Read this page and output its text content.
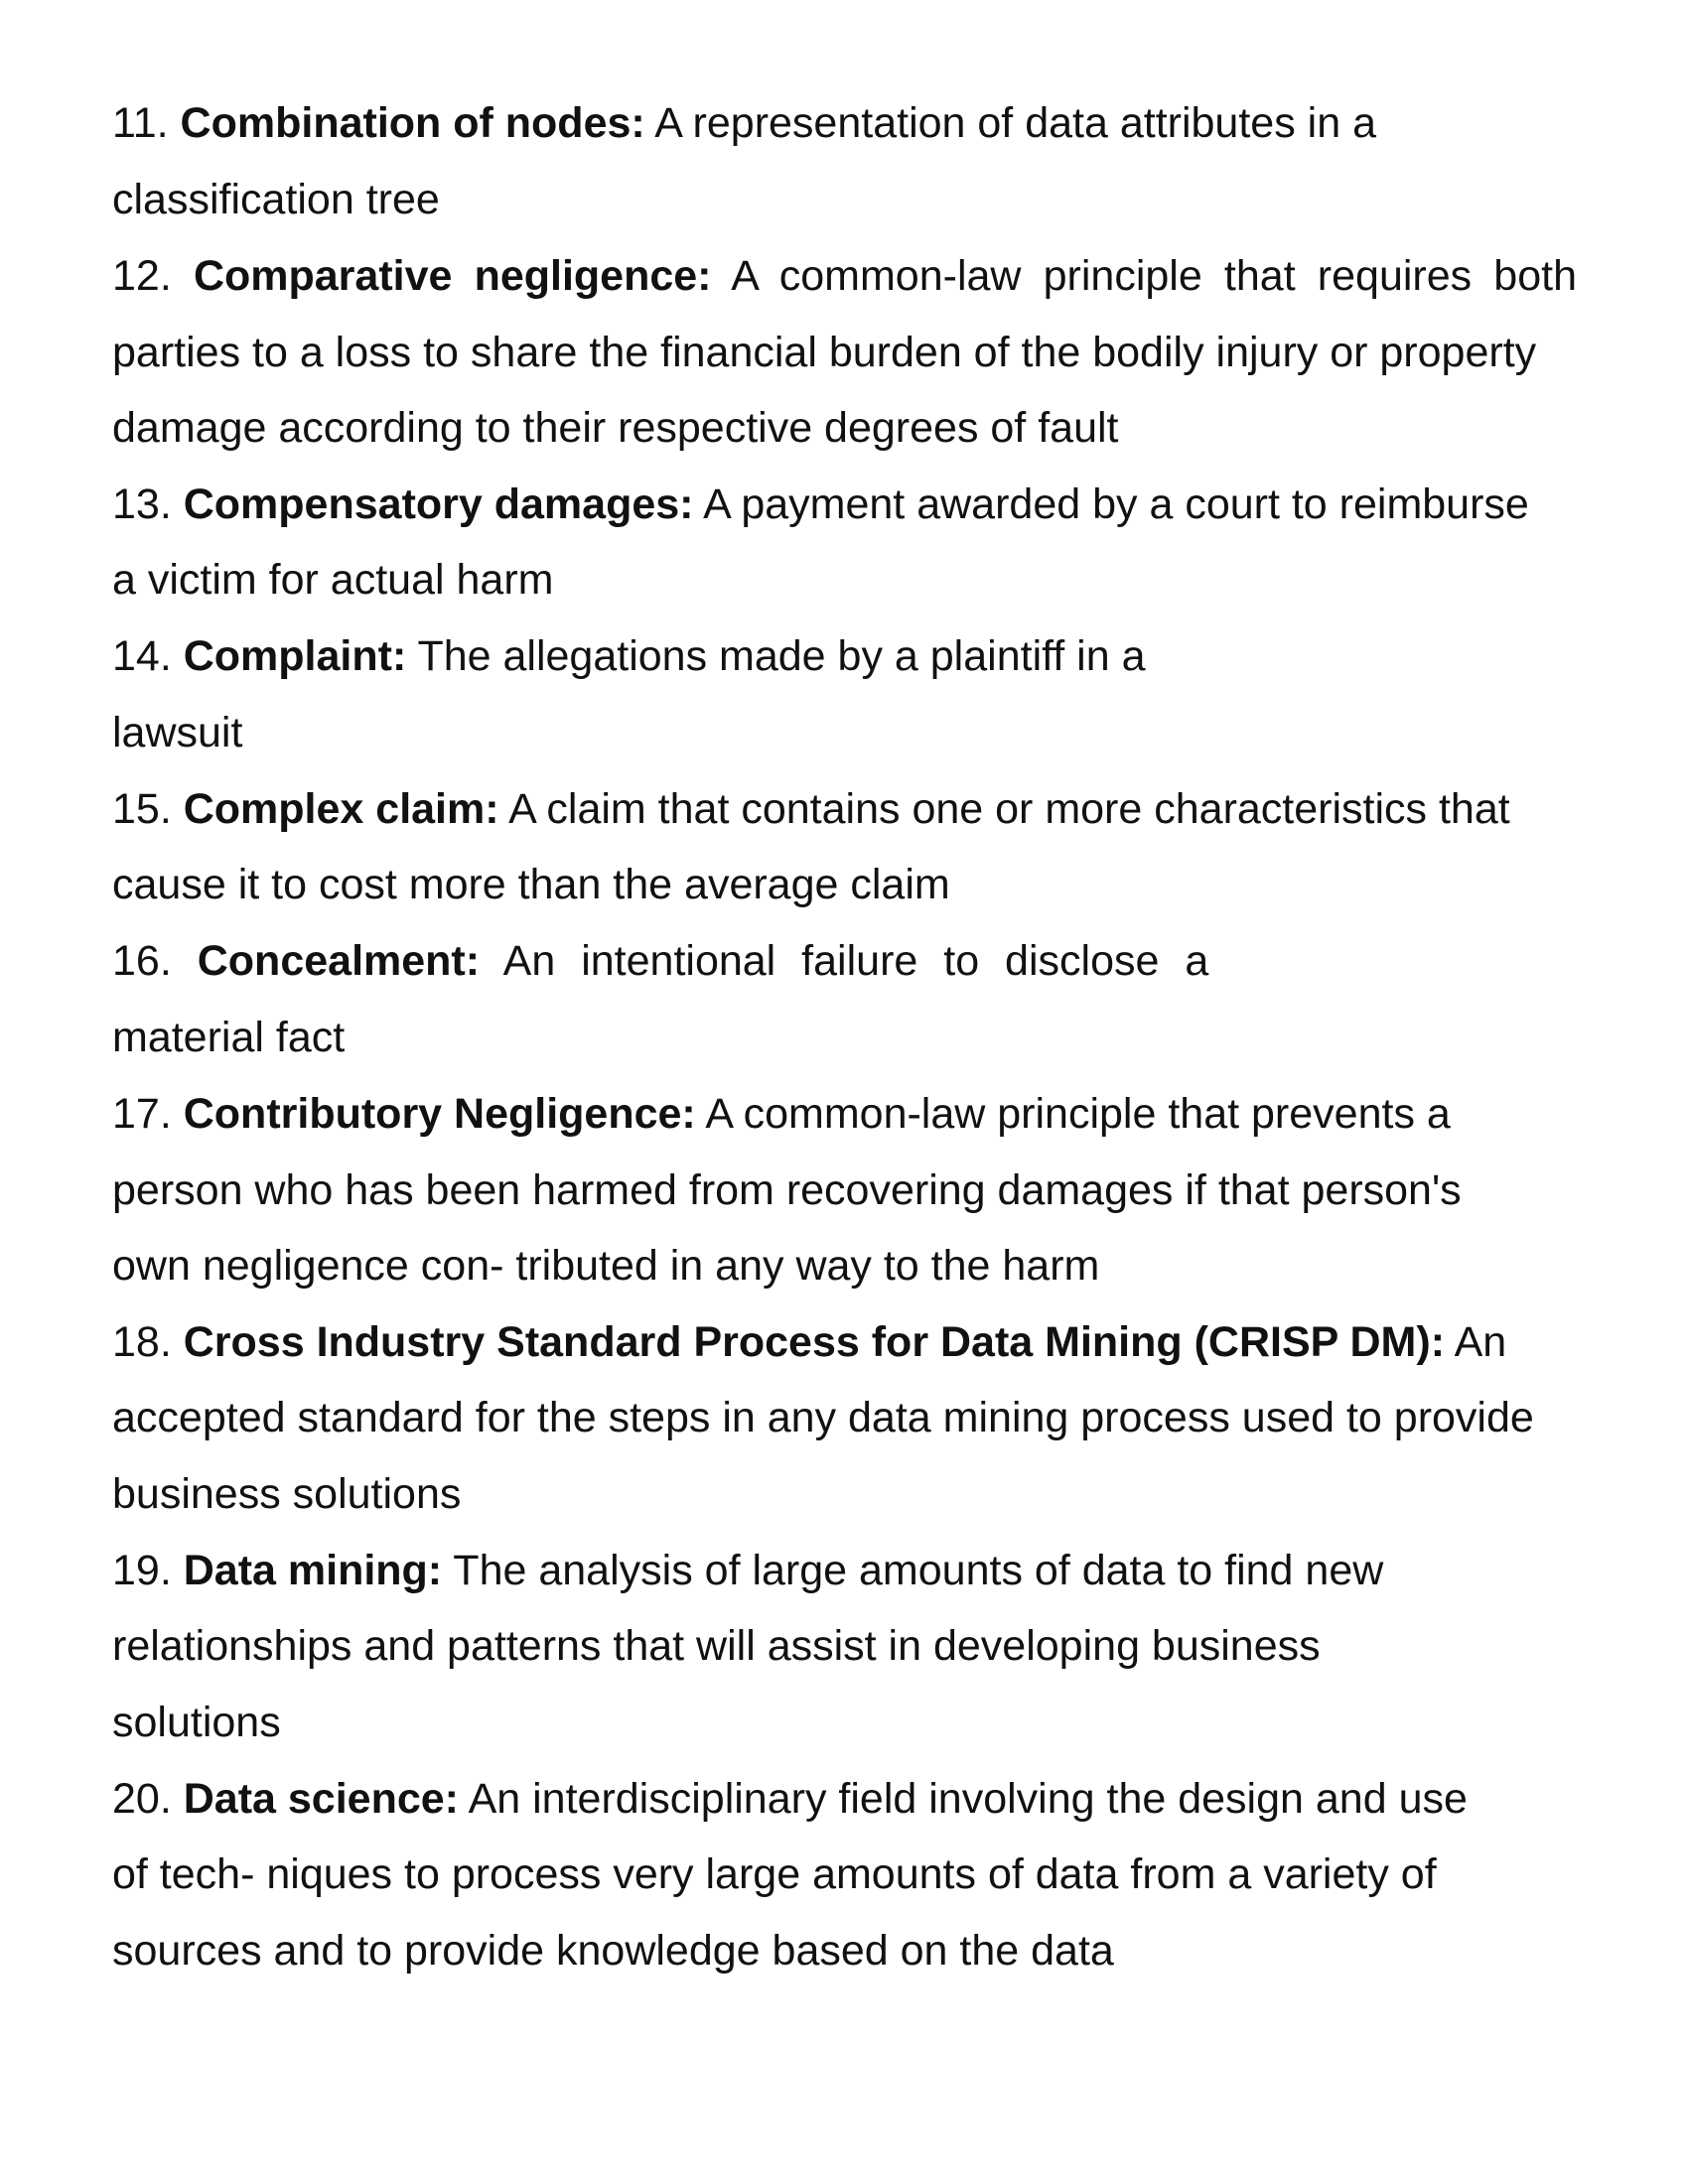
11. Combination of nodes: A representation of data attributes in a
classification tree
12. Comparative negligence: A common-law principle that requires both
parties to a loss to share the financial burden of the bodily injury or property
damage according to their respective degrees of fault
13. Compensatory damages: A payment awarded by a court to reimburse
a victim for actual harm
14. Complaint: The allegations made by a plaintiff in a
lawsuit
15. Complex claim: A claim that contains one or more characteristics that
cause it to cost more than the average claim
16. Concealment: An intentional failure to disclose a
material fact
17. Contributory Negligence: A common-law principle that prevents a
person who has been harmed from recovering damages if that person's
own negligence con- tributed in any way to the harm
18. Cross Industry Standard Process for Data Mining (CRISP DM): An
accepted standard for the steps in any data mining process used to provide
business solutions
19. Data mining: The analysis of large amounts of data to find new
relationships and patterns that will assist in developing business
solutions
20. Data science: An interdisciplinary field involving the design and use
of tech- niques to process very large amounts of data from a variety of
sources and to provide knowledge based on the data
